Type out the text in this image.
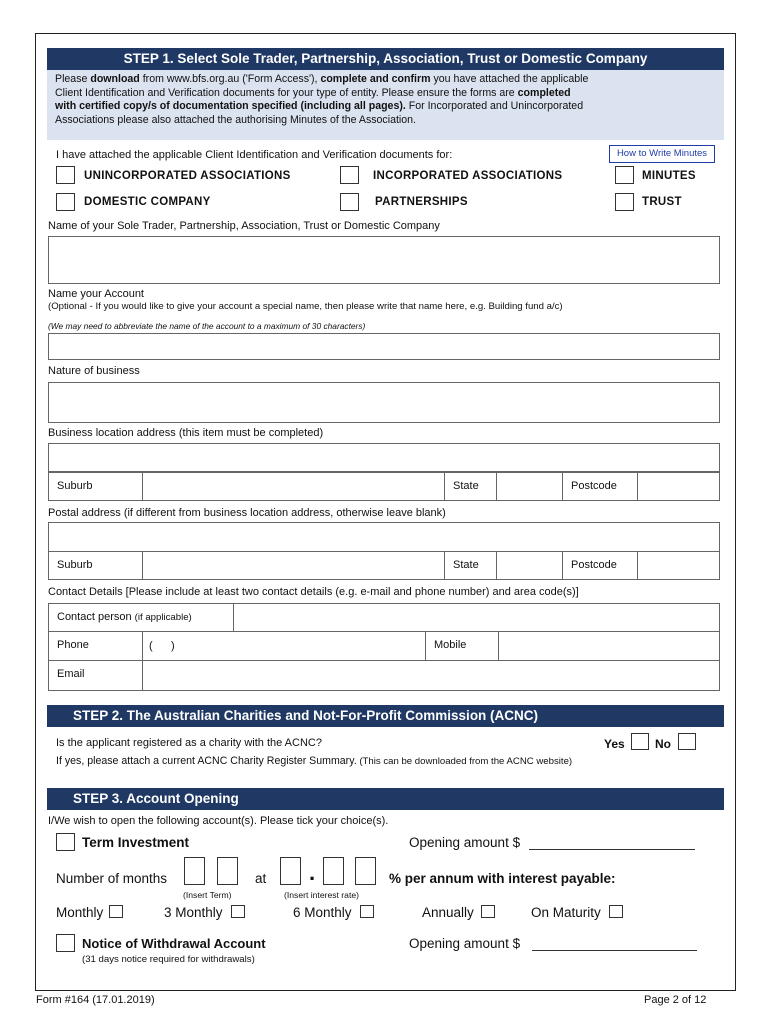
STEP 1. Select Sole Trader, Partnership, Association, Trust or Domestic Company
Please download from www.bfs.org.au ('Form Access'), complete and confirm you have attached the applicable
Client Identification and Verification documents for your type of entity. Please ensure the forms are completed
with certified copy/s of documentation specified (including all pages). For Incorporated and Unincorporated
Associations please also attached the authorising Minutes of the Association.
I have attached the applicable Client Identification and Verification documents for:	How to Write Minutes
UNINCORPORATED ASSOCIATIONS	INCORPORATED ASSOCIATIONS	MINUTES
DOMESTIC COMPANY	PARTNERSHIPS	TRUST
Name of your Sole Trader, Partnership, Association, Trust or Domestic Company
Name your Account
(Optional - If you would like to give your account a special name, then please write that name here, e.g. Building fund a/c)
(We may need to abbreviate the name of the account to a maximum of 30 characters)
Nature of business
Business location address (this item must be completed)
Suburb	State	Postcode
Postal address (if different from business location address, otherwise leave blank)
Suburb	State	Postcode
Contact Details [Please include at least two contact details (e.g. e-mail and phone number) and area code(s)]
Contact person (if applicable)
Phone	(      )	Mobile
Email
STEP 2. The Australian Charities and Not-For-Profit Commission (ACNC)
Is the applicant registered as a charity with the ACNC?	Yes	No
If yes, please attach a current ACNC Charity Register Summary. (This can be downloaded from the ACNC website)
STEP 3. Account Opening
I/We wish to open the following account(s). Please tick your choice(s).
Term Investment	Opening amount $
Number of months	at .	% per annum with interest payable:
(Insert Term)	(Insert interest rate)
Monthly	3 Monthly	6 Monthly	Annually	On Maturity
Notice of Withdrawal Account	Opening amount $
(31 days notice required for withdrawals)
Form #164 (17.01.2019)	Page 2 of 12
